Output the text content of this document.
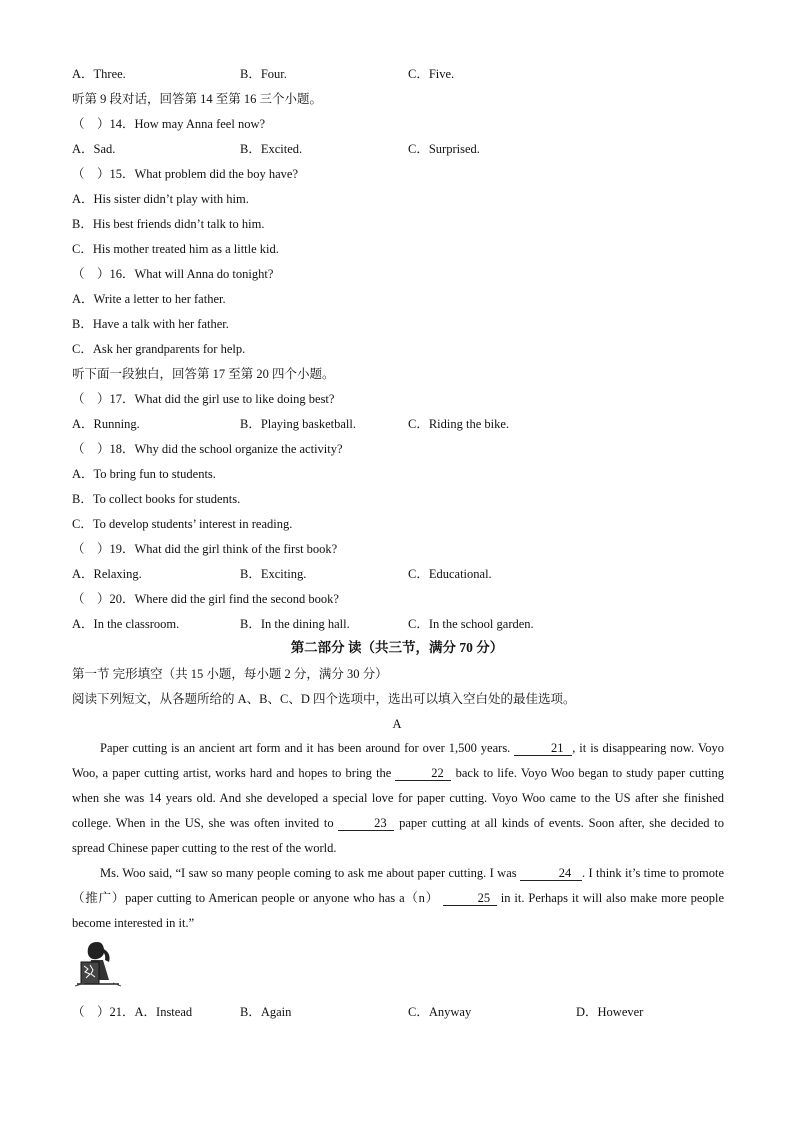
A．Three.	B．Four.	C．Five.
听第 9 段对话，回答第 14 至第 16 三个小题。
（　）14．How may Anna feel now?
A．Sad.	B．Excited.	C．Surprised.
（　）15．What problem did the boy have?
A．His sister didn’t play with him.
B．His best friends didn’t talk to him.
C．His mother treated him as a little kid.
（　）16．What will Anna do tonight?
A．Write a letter to her father.
B．Have a talk with her father.
C．Ask her grandparents for help.
听下面一段独白，回答第 17 至第 20 四个小题。
（　）17．What did the girl use to like doing best?
A．Running.	B．Playing basketball.	C．Riding the bike.
（　）18．Why did the school organize the activity?
A．To bring fun to students.
B．To collect books for students.
C．To develop students’ interest in reading.
（　）19．What did the girl think of the first book?
A．Relaxing.	B．Exciting.	C．Educational.
（　）20．Where did the girl find the second book?
A．In the classroom.	B．In the dining hall.	C．In the school garden.
第二部分 读（共三节，满分 70 分）
第一节 完形填空（共 15 小题，每小题 2 分，满分 30 分）
阅读下列短文，从各题所给的 A、B、C、D 四个选项中，选出可以填入空白处的最佳选项。
A
Paper cutting is an ancient art form and it has been around for over 1,500 years.	21 , it is disappearing now. Voyo Woo, a paper cutting artist, works hard and hopes to bring the	22 back to life. Voyo Woo began to study paper cutting when she was 14 years old. And she developed a special love for paper cutting. Voyo Woo came to the US after she finished college. When in the US, she was often invited to	23 paper cutting at all kinds of events. Soon after, she decided to spread Chinese paper cutting to the rest of the world.
Ms. Woo said, “I saw so many people coming to ask me about paper cutting. I was	24 . I think it’s time to promote（推广）paper cutting to American people or anyone who has a（n）	25 in it. Perhaps it will also make more people become interested in it.”
（　）21．A．Instead	B．Again	C．Anyway	D．However
